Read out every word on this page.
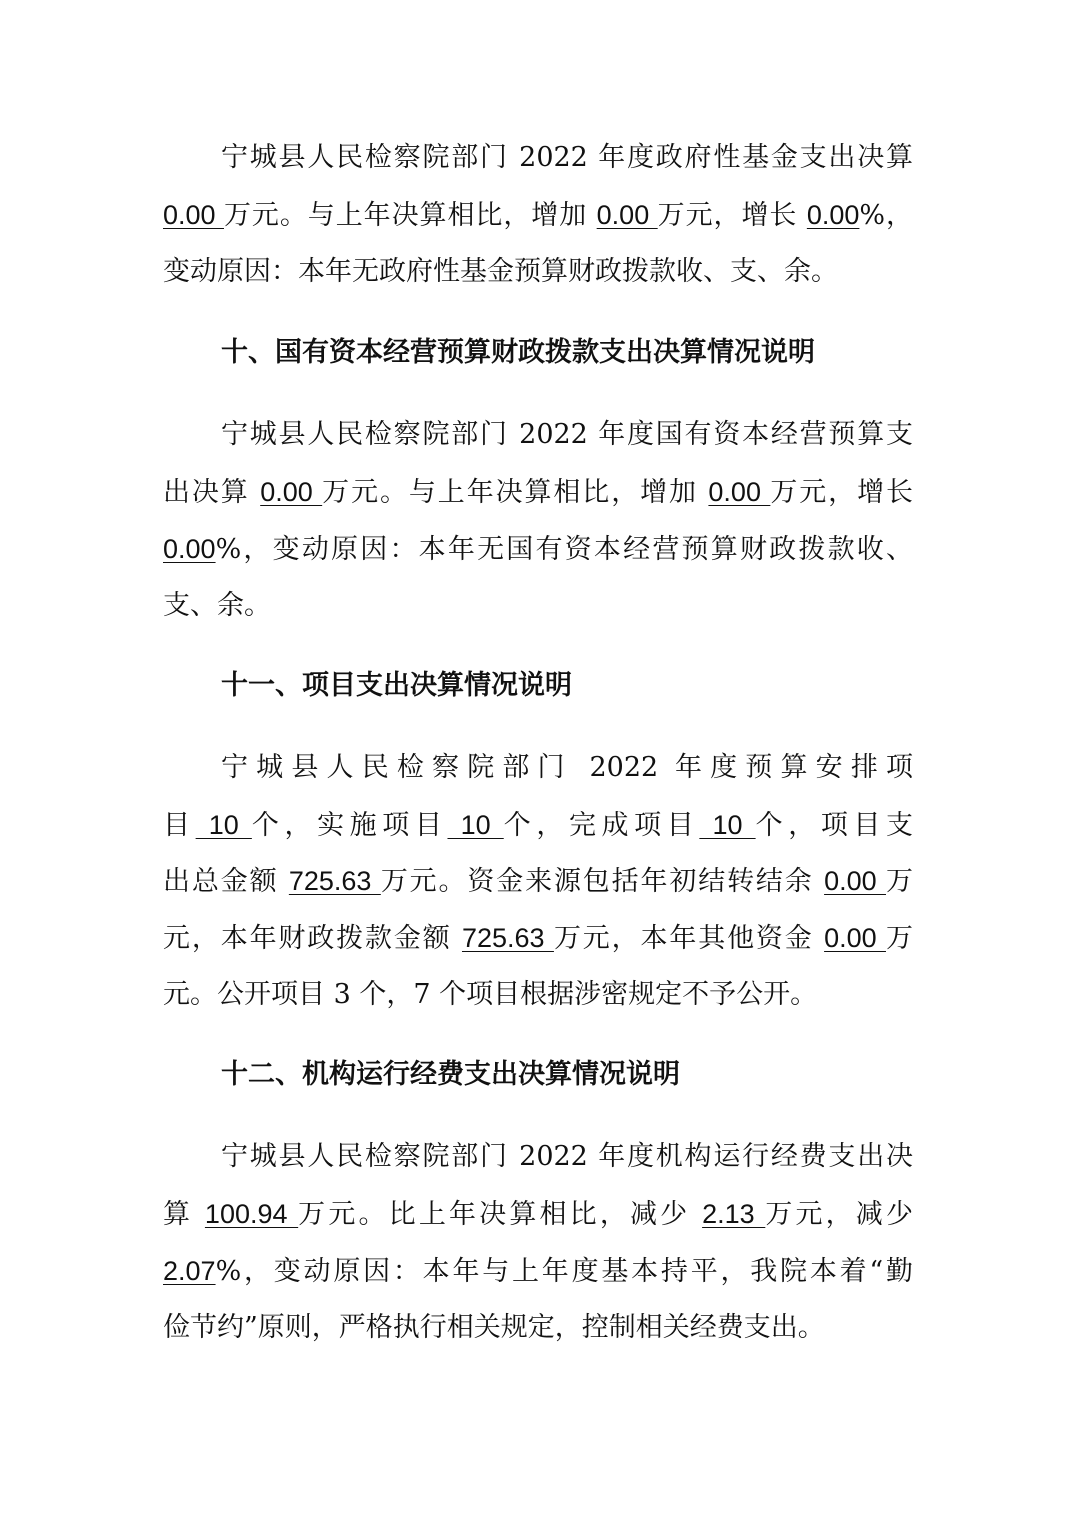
宁城县人民检察院部门 2022 年度政府性基金支出决算
0.00 万元。与上年决算相比，增加 0.00 万元，增长 0.00%，
变动原因：本年无政府性基金预算财政拨款收、支、余。
十、国有资本经营预算财政拨款支出决算情况说明
宁城县人民检察院部门 2022 年度国有资本经营预算支
出决算 0.00 万元。与上年决算相比，增加 0.00 万元，增长
0.00%，变动原因：本年无国有资本经营预算财政拨款收、
支、余。
十一、项目支出决算情况说明
宁城县人民检察院部门 2022 年度预算安排项
目 10 个，实施项目 10 个，完成项目 10 个，项目支
出总金额 725.63 万元。资金来源包括年初结转结余 0.00 万
元，本年财政拨款金额 725.63 万元，本年其他资金 0.00 万
元。公开项目 3 个，7 个项目根据涉密规定不予公开。
十二、机构运行经费支出决算情况说明
宁城县人民检察院部门 2022 年度机构运行经费支出决
算 100.94 万元。比上年决算相比，减少 2.13 万元，减少
2.07%，变动原因：本年与上年度基本持平，我院本着“勤
俭节约”原则，严格执行相关规定，控制相关经费支出。
